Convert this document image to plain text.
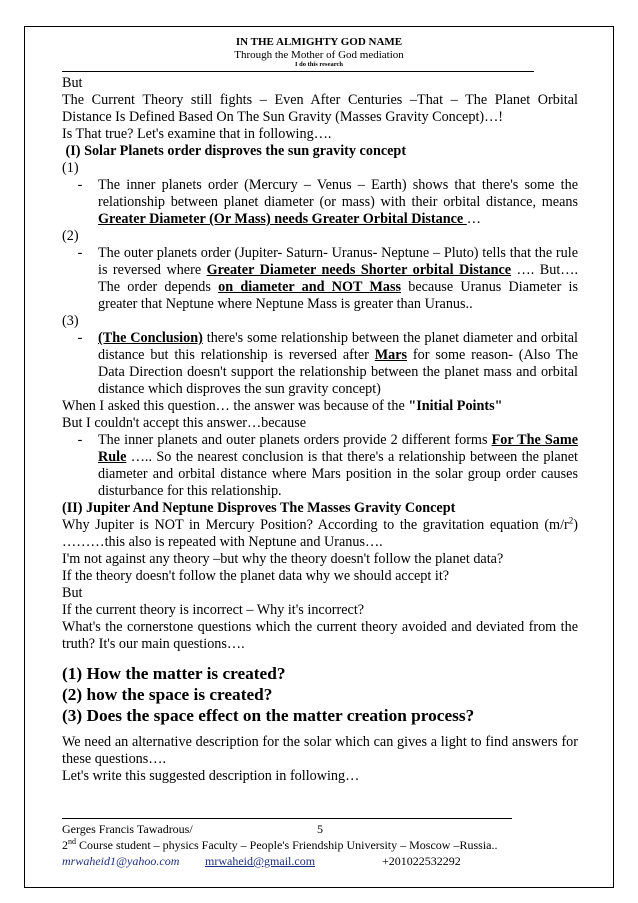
IN THE ALMIGHTY GOD NAME
Through the Mother of God mediation
I do this research

But

The Current Theory still fights – Even After Centuries –That – The Planet Orbital Distance Is Defined Based On The Sun Gravity (Masses Gravity Concept)…!

Is That true? Let's examine that in following….

(I) Solar Planets order disproves the sun gravity concept

(1)

-	The inner planets order (Mercury – Venus – Earth) shows that there's some the relationship between planet diameter (or mass) with their orbital distance, means Greater Diameter (Or Mass) needs Greater Orbital Distance …

(2)

-	The outer planets order (Jupiter- Saturn- Uranus- Neptune – Pluto) tells that the rule is reversed where Greater Diameter needs Shorter orbital Distance …. But…. The order depends on diameter and NOT Mass because Uranus Diameter is greater that Neptune where Neptune Mass is greater than Uranus..

(3)

-	(The Conclusion) there's some relationship between the planet diameter and orbital distance but this relationship is reversed after Mars for some reason- (Also The Data Direction doesn't support the relationship between the planet mass and orbital distance which disproves the sun gravity concept)

When I asked this question… the answer was because of the "Initial Points"

But I couldn't accept this answer…because

-	The inner planets and outer planets orders provide 2 different forms For The Same Rule ….. So the nearest conclusion is that there's a relationship between the planet diameter and orbital distance where Mars position in the solar group order causes disturbance for this relationship.

(II) Jupiter And Neptune Disproves The Masses Gravity Concept

Why Jupiter is NOT in Mercury Position? According to the gravitation equation $(m/r^2)$ ………this also is repeated with Neptune and Uranus….

I'm not against any theory –but why the theory doesn't follow the planet data?

If the theory doesn't follow the planet data why we should accept it?

But

If the current theory is incorrect – Why it's incorrect?

What's the cornerstone questions which the current theory avoided and deviated from the truth? It's our main questions….

(1) How the matter is created?

(2) how the space is created?

(3) Does the space effect on the matter creation process?

We need an alternative description for the solar which can gives a light to find answers for these questions….

Let's write this suggested description in following…

Gerges Francis Tawadrous/	5
2nd Course student – physics Faculty – People's Friendship University – Moscow –Russia..
mrwaheid1@yahoo.com mrwaheid@gmail.com	+201022532292
